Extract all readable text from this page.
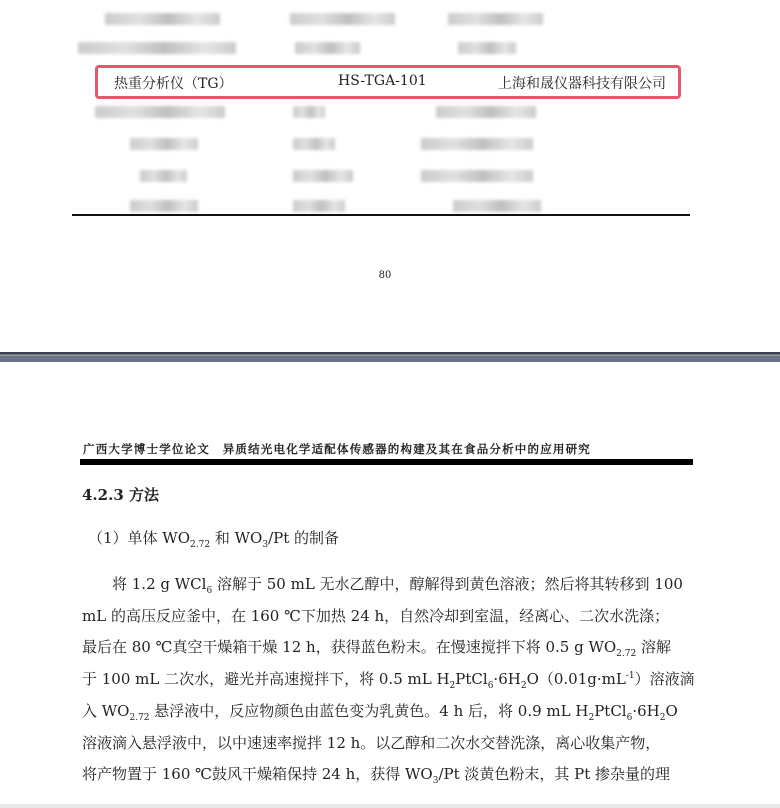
热重分析仪（TG）	HS-TGA-101	上海和晟仪器科技有限公司
80
广西大学博士学位论文　异质结光电化学适配体传感器的构建及其在食品分析中的应用研究
4.2.3 方法
（1）单体 $WO_{2.72}$ 和 $WO_3/Pt$ 的制备
　　将 1.2 g WCl$_6$ 溶解于 50 mL 无水乙醇中，醇解得到黄色溶液；然后将其转移到 100
mL 的高压反应釜中，在 160 ℃下加热 24 h，自然冷却到室温，经离心、二次水洗涤；
最后在 80 ℃真空干燥箱干燥 12 h，获得蓝色粉末。在慢速搅拌下将 0.5 g $WO_{2.72}$ 溶解
于 100 mL 二次水，避光并高速搅拌下，将 0.5 mL $H_2PtCl_6\cdot 6H_2O(0.01g\cdot mL^{-1})$溶液滴
入 $WO_{2.72}$ 悬浮液中，反应物颜色由蓝色变为乳黄色。4 h 后，将 0.9 mL $H_2PtCl_6\cdot 6H_2O$
溶液滴入悬浮液中，以中速速率搅拌 12 h。以乙醇和二次水交替洗涤，离心收集产物，
将产物置于 160 ℃鼓风干燥箱保持 24 h，获得 $WO_3/Pt$ 淡黄色粉末，其 Pt 掺杂量的理
